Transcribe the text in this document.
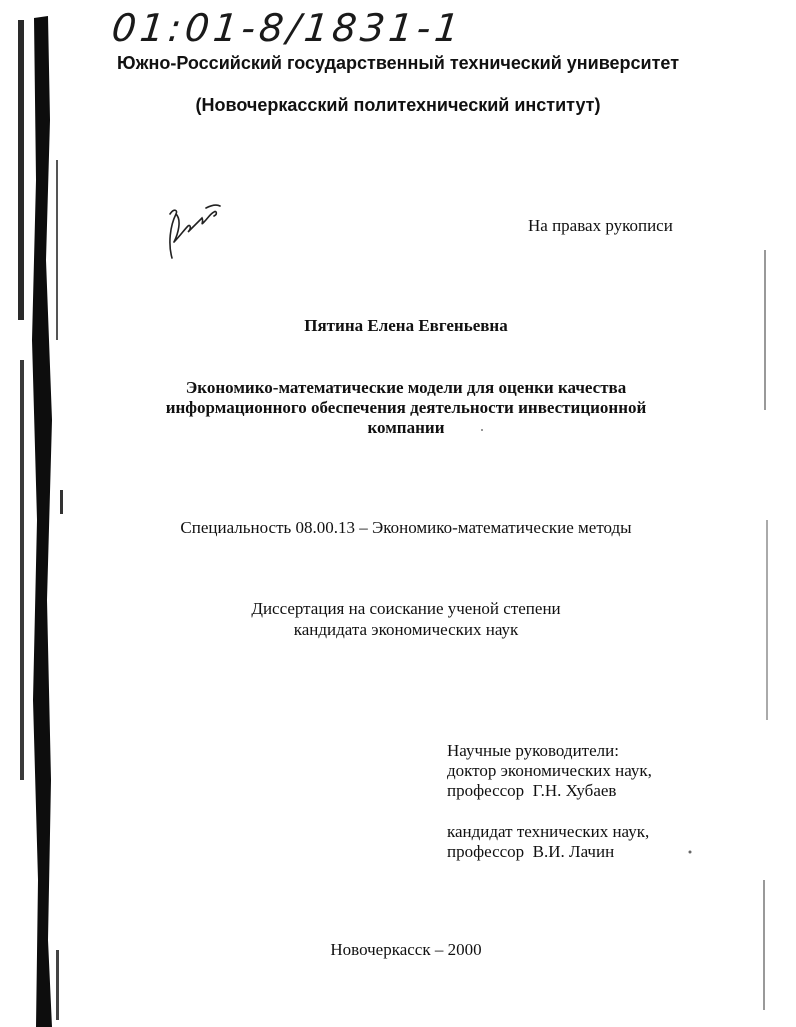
01:01-8/1831-1
Южно-Российский государственный технический университет
(Новочеркасский политехнический институт)
На правах рукописи
Пятина Елена Евгеньевна
Экономико-математические модели для оценки качества
информационного обеспечения деятельности инвестиционной
компании
Специальность 08.00.13 – Экономико-математические методы
Диссертация на соискание ученой степени
кандидата экономических наук
Научные руководители:
доктор экономических наук,
профессор  Г.Н. Хубаев
кандидат технических наук,
профессор  В.И. Лачин
Новочеркасск – 2000
